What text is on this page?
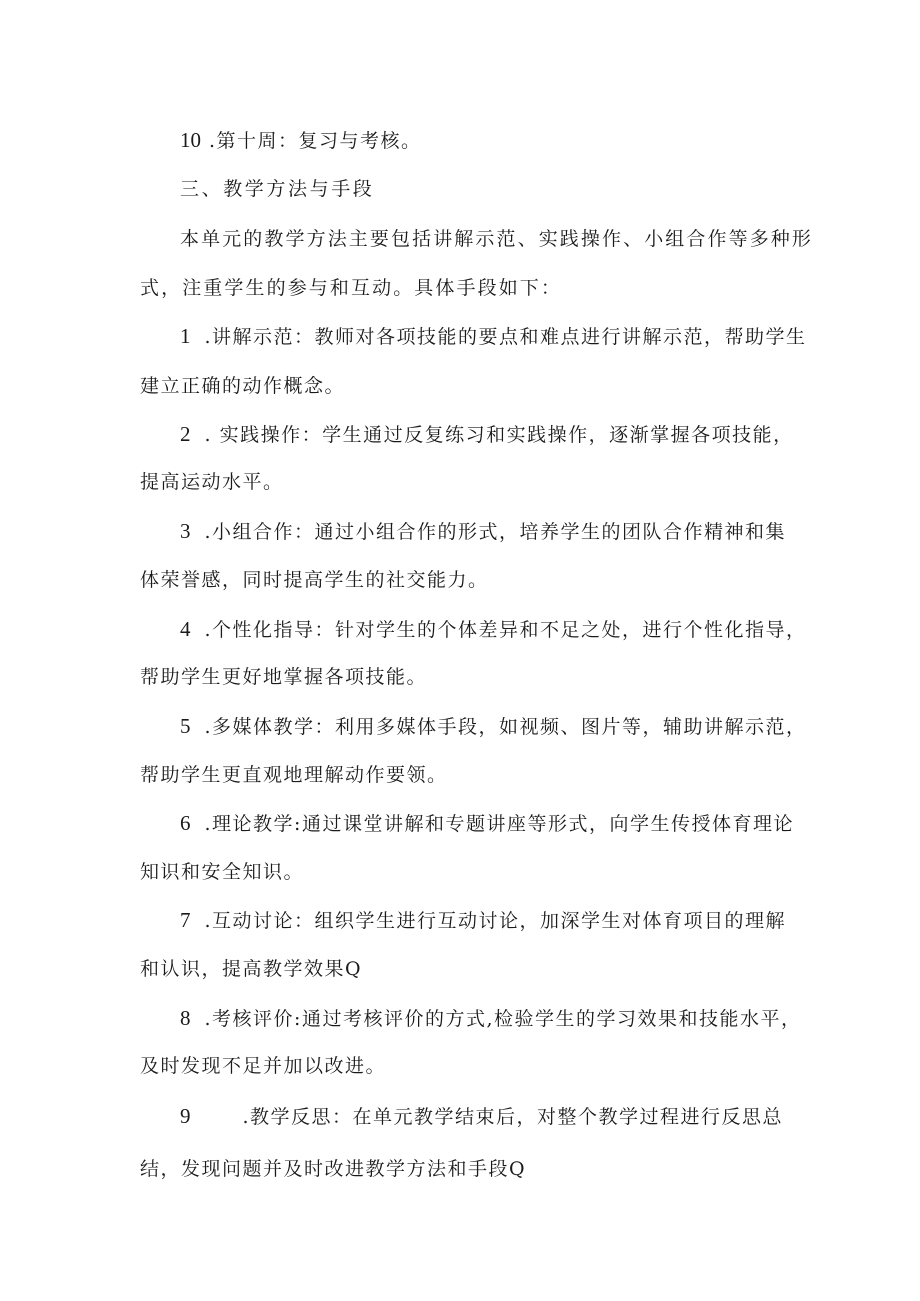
10 .第十周：复习与考核。
三、教学方法与手段
本单元的教学方法主要包括讲解示范、实践操作、小组合作等多种形
式，注重学生的参与和互动。具体手段如下：
1 .讲解示范：教师对各项技能的要点和难点进行讲解示范，帮助学生
建立正确的动作概念。
2 . 实践操作：学生通过反复练习和实践操作，逐渐掌握各项技能，
提高运动水平。
3 .小组合作：通过小组合作的形式，培养学生的团队合作精神和集
体荣誉感，同时提高学生的社交能力。
4 .个性化指导：针对学生的个体差异和不足之处，进行个性化指导，
帮助学生更好地掌握各项技能。
5 .多媒体教学：利用多媒体手段，如视频、图片等，辅助讲解示范，
帮助学生更直观地理解动作要领。
6 .理论教学:通过课堂讲解和专题讲座等形式，向学生传授体育理论
知识和安全知识。
7 .互动讨论：组织学生进行互动讨论，加深学生对体育项目的理解
和认识，提高教学效果Q
8 .考核评价:通过考核评价的方式,检验学生的学习效果和技能水平，
及时发现不足并加以改进。
9	.教学反思：在单元教学结束后，对整个教学过程进行反思总
结，发现问题并及时改进教学方法和手段Q
